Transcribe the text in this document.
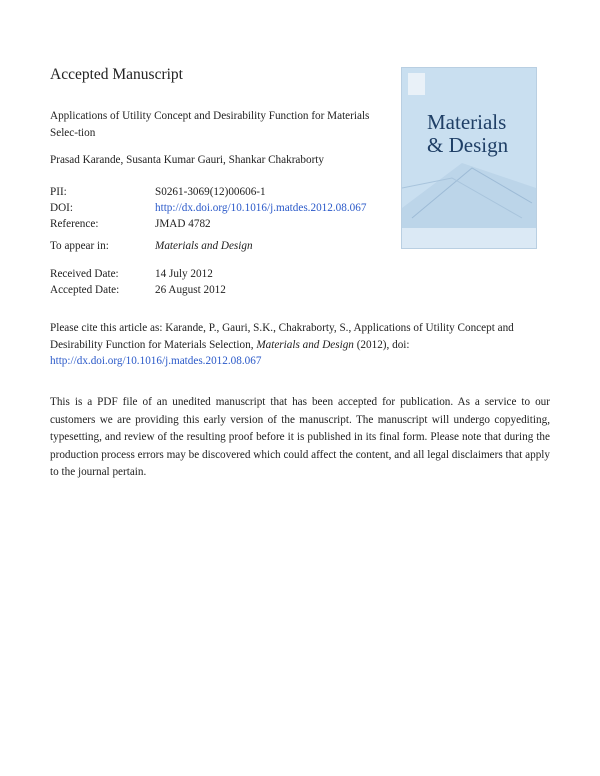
Accepted Manuscript
Applications of Utility Concept and Desirability Function for Materials Selec-tion
Prasad Karande, Susanta Kumar Gauri, Shankar Chakraborty
PII:	S0261-3069(12)00606-1
DOI:	http://dx.doi.org/10.1016/j.matdes.2012.08.067
Reference:	JMAD 4782
To appear in:	Materials and Design
Received Date:	14 July 2012
Accepted Date:	26 August 2012
Please cite this article as: Karande, P., Gauri, S.K., Chakraborty, S., Applications of Utility Concept and Desirability Function for Materials Selection, Materials and Design (2012), doi: http://dx.doi.org/10.1016/j.matdes.2012.08.067
This is a PDF file of an unedited manuscript that has been accepted for publication. As a service to our customers we are providing this early version of the manuscript. The manuscript will undergo copyediting, typesetting, and review of the resulting proof before it is published in its final form. Please note that during the production process errors may be discovered which could affect the content, and all legal disclaimers that apply to the journal pertain.
Materials
& Design
